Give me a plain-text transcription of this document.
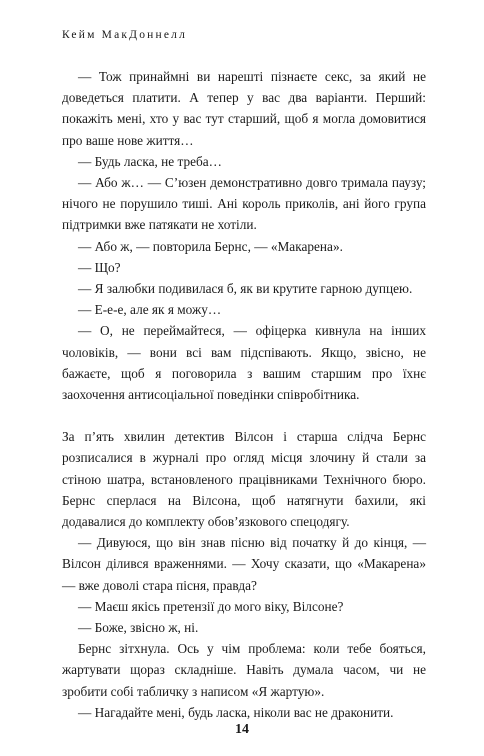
Кейм МакДоннелл

— Тож принаймні ви нарешті пізнаєте секс, за який не доведеться платити. А тепер у вас два варіанти. Перший: покажіть мені, хто у вас тут старший, щоб я могла домовитися про ваше нове життя…

— Будь ласка, не треба…

— Або ж… — С’юзен демонстративно довго тримала паузу; нічого не порушило тиші. Ані король приколів, ані його група підтримки вже патякати не хотіли.

— Або ж, — повторила Бернс, — «Макарена».

— Що?

— Я залюбки подивилася б, як ви крутите гарною дупцею.

— Е-е-е, але як я можу…

— О, не переймайтеся, — офіцерка кивнула на інших чоловіків, — вони всі вам підспівають. Якщо, звісно, не бажаєте, щоб я поговорила з вашим старшим про їхнє заохочення антисоціальної поведінки співробітника.

За п’ять хвилин детектив Вілсон і старша слідча Бернс розписалися в журналі про огляд місця злочину й стали за стіною шатра, встановленого працівниками Технічного бюро. Бернс сперлася на Вілсона, щоб натягнути бахили, які додавалися до комплекту обов’язкового спецодягу.

— Дивуюся, що він знав пісню від початку й до кінця, — Вілсон ділився враженнями. — Хочу сказати, що «Макарена» — вже доволі стара пісня, правда?

— Маєш якісь претензії до мого віку, Вілсоне?

— Боже, звісно ж, ні.

Бернс зітхнула. Ось у чім проблема: коли тебе бояться, жартувати щораз складніше. Навіть думала часом, чи не зробити собі табличку з написом «Я жартую».

— Нагадайте мені, будь ласка, ніколи вас не драконити.

14
